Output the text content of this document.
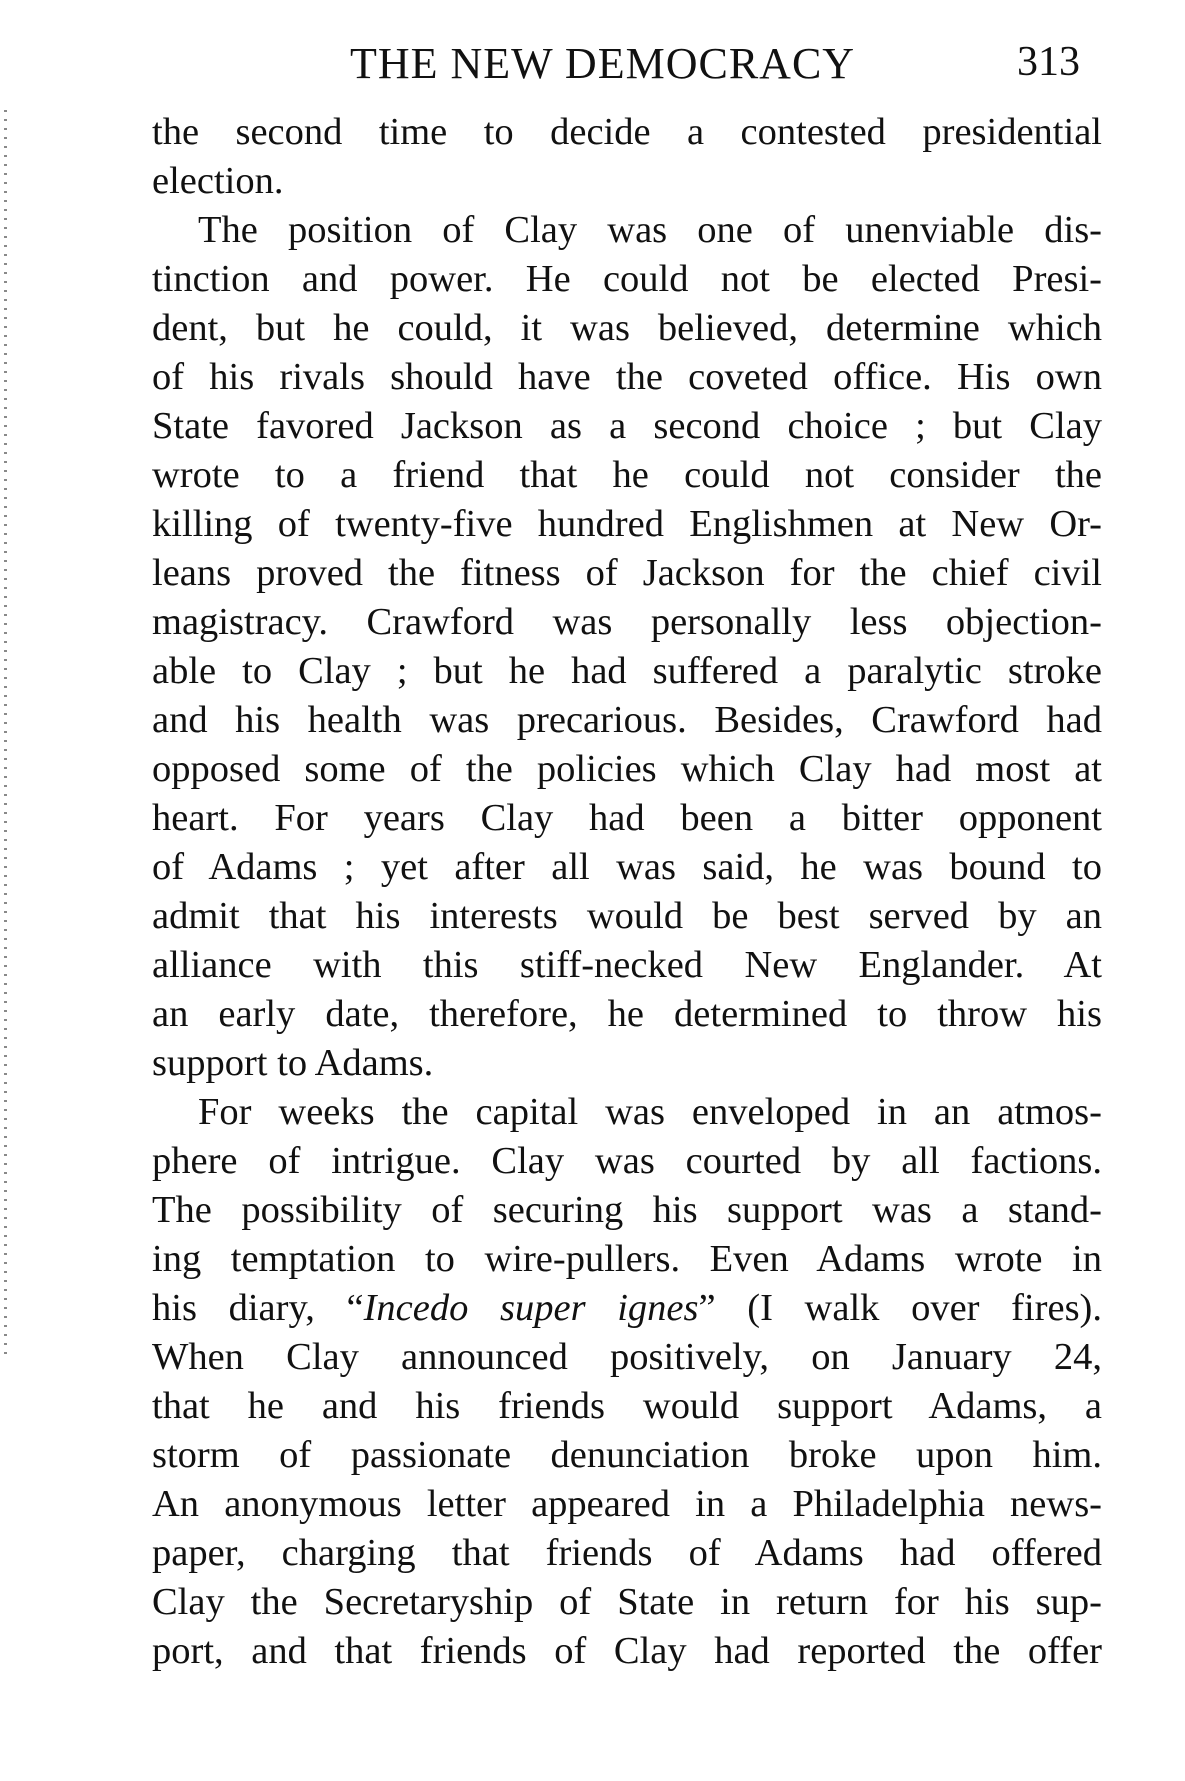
THE NEW DEMOCRACY	313
the second time to decide a contested presidential
election.
The position of Clay was one of unenviable dis-
tinction and power. He could not be elected Presi-
dent, but he could, it was believed, determine which
of his rivals should have the coveted office. His own
State favored Jackson as a second choice ; but Clay
wrote to a friend that he could not consider the
killing of twenty-five hundred Englishmen at New Or-
leans proved the fitness of Jackson for the chief civil
magistracy. Crawford was personally less objection-
able to Clay ; but he had suffered a paralytic stroke
and his health was precarious. Besides, Crawford had
opposed some of the policies which Clay had most at
heart. For years Clay had been a bitter opponent
of Adams ; yet after all was said, he was bound to
admit that his interests would be best served by an
alliance with this stiff-necked New Englander. At
an early date, therefore, he determined to throw his
support to Adams.
For weeks the capital was enveloped in an atmos-
phere of intrigue. Clay was courted by all factions.
The possibility of securing his support was a stand-
ing temptation to wire-pullers. Even Adams wrote in
his diary, “Incedo super ignes” (I walk over fires).
When Clay announced positively, on January 24,
that he and his friends would support Adams, a
storm of passionate denunciation broke upon him.
An anonymous letter appeared in a Philadelphia news-
paper, charging that friends of Adams had offered
Clay the Secretaryship of State in return for his sup-
port, and that friends of Clay had reported the offer
